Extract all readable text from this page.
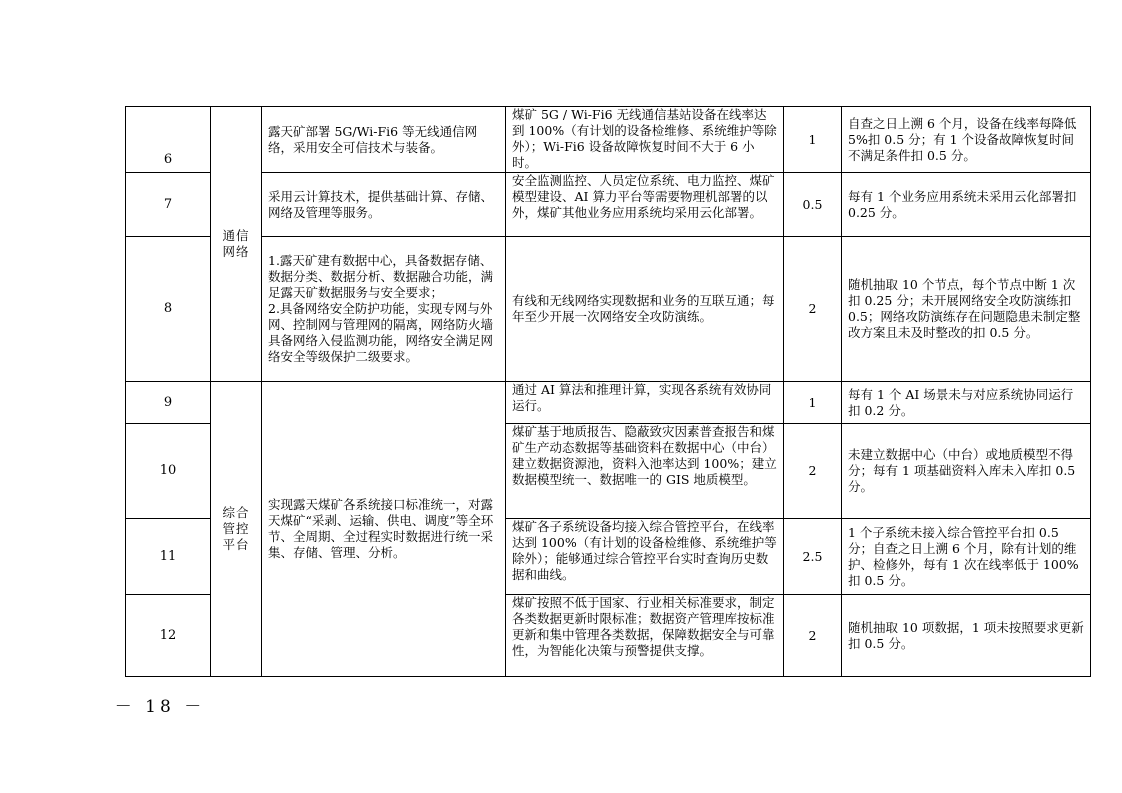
6	通信网络	露天矿部署 5G/Wi-Fi6 等无线通信网络，采用安全可信技术与装备。	煤矿 5G / Wi-Fi6 无线通信基站设备在线率达到 100%（有计划的设备检维修、系统维护等除外）；Wi-Fi6 设备故障恢复时间不大于 6 小时。	1	自查之日上溯 6 个月，设备在线率每降低 5%扣 0.5 分；有 1 个设备故障恢复时间不满足条件扣 0.5 分。

7		采用云计算技术，提供基础计算、存储、网络及管理等服务。	安全监测监控、人员定位系统、电力监控、煤矿模型建设、AI 算力平台等需要物理机部署的以外，煤矿其他业务应用系统均采用云化部署。	0.5	每有 1 个业务应用系统未采用云化部署扣 0.25 分。

8		1.露天矿建有数据中心，具备数据存储、数据分类、数据分析、数据融合功能，满足露天矿数据服务与安全要求；
2.具备网络安全防护功能，实现专网与外网、控制网与管理网的隔离，网络防火墙具备网络入侵监测功能，网络安全满足网络安全等级保护二级要求。	有线和无线网络实现数据和业务的互联互通；每年至少开展一次网络安全攻防演练。	2	随机抽取 10 个节点，每个节点中断 1 次扣 0.25 分；未开展网络安全攻防演练扣 0.5；网络攻防演练存在问题隐患未制定整改方案且未及时整改的扣 0.5 分。

9	综合管控平台	实现露天煤矿各系统接口标准统一，对露天煤矿“采剥、运输、供电、调度”等全环节、全周期、全过程实时数据进行统一采集、存储、管理、分析。	通过 AI 算法和推理计算，实现各系统有效协同运行。	1	每有 1 个 AI 场景未与对应系统协同运行扣 0.2 分。

10			煤矿基于地质报告、隐蔽致灾因素普查报告和煤矿生产动态数据等基础资料在数据中心（中台）建立数据资源池，资料入池率达到 100%；建立数据模型统一、数据唯一的 GIS 地质模型。	2	未建立数据中心（中台）或地质模型不得分；每有 1 项基础资料入库未入库扣 0.5 分。

11			煤矿各子系统设备均接入综合管控平台，在线率达到 100%（有计划的设备检维修、系统维护等除外）；能够通过综合管控平台实时查询历史数据和曲线。	2.5	1 个子系统未接入综合管控平台扣 0.5 分；自查之日上溯 6 个月，除有计划的维护、检修外，每有 1 次在线率低于 100%扣 0.5 分。

12			煤矿按照不低于国家、行业相关标准要求，制定各类数据更新时限标准；数据资产管理库按标准更新和集中管理各类数据，保障数据安全与可靠性，为智能化决策与预警提供支撑。	2	随机抽取 10 项数据，1 项未按照要求更新扣 0.5 分。
－ 18 －
